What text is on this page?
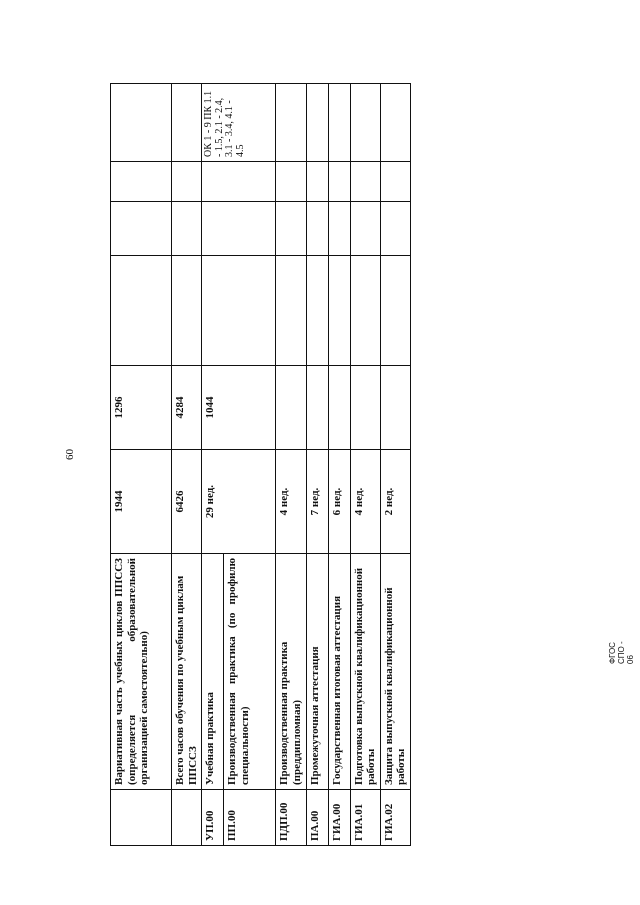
60

	Вариативная часть учебных циклов ППССЗ (определяется образовательной организацией самостоятельно)	1944	1296				
	Всего часов обучения по учебным циклам ППССЗ	6426	4284				
УП.00	Учебная практика	29 нед.	1044				ОК 1 - 9 ПК 1.1 - 1.5, 2.1 - 2.4, 3.1 - 3.4, 4.1 - 4.5
ПП.00	Производственная практика (по профилю специальности)						

ПДП.00	Производственная практика (преддипломная)	4 нед.					
ПА.00	Промежуточная аттестация	7 нед.					
ГИА.00	Государственная итоговая аттестация	6 нед.					
ГИА.01	Подготовка выпускной квалификационной работы	4 нед.					
ГИА.02	Защита выпускной квалификационной работы	2 нед.					
ФГОС СПО - 06
